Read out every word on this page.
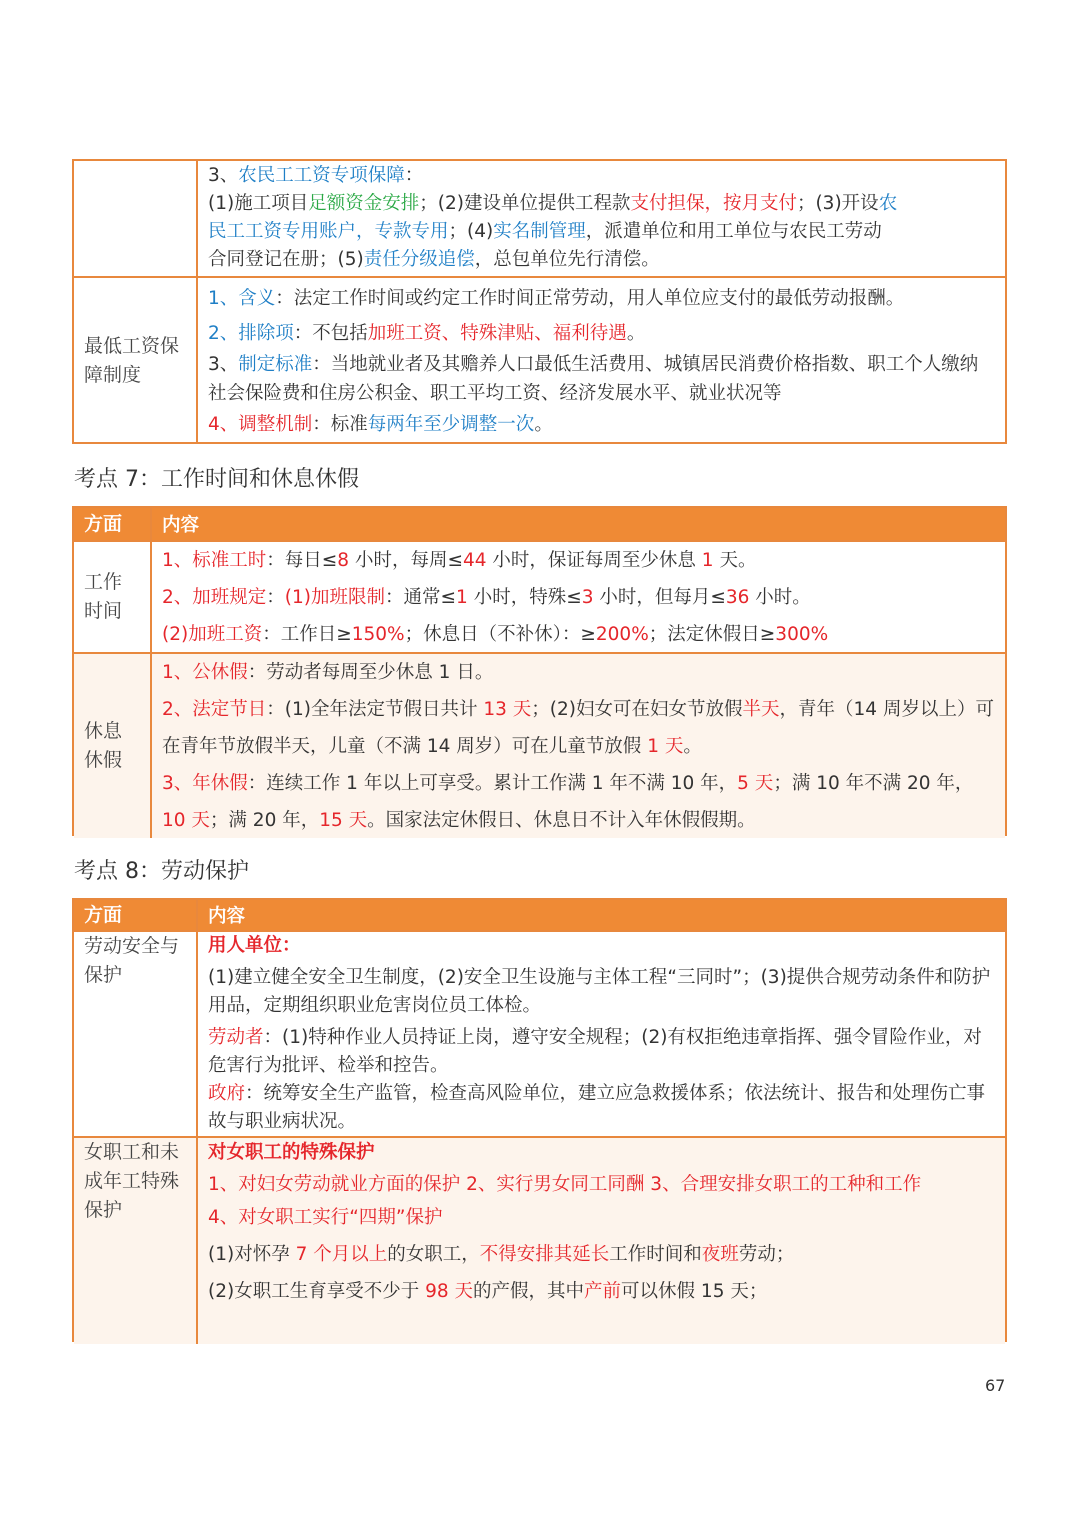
3、农民工工资专项保障：

(1)施工项目足额资金安排；(2)建设单位提供工程款支付担保，按月支付；(3)开设农

民工工资专用账户，专款专用；(4)实名制管理，派遣单位和用工单位与农民工劳动

合同登记在册；(5)责任分级追偿，总包单位先行清偿。

最低工资保障制度

1、含义：法定工作时间或约定工作时间正常劳动，用人单位应支付的最低劳动报酬。

2、排除项：不包括加班工资、特殊津贴、福利待遇。

3、制定标准：当地就业者及其赡养人口最低生活费用、城镇居民消费价格指数、职工个人缴纳社会保险费和住房公积金、职工平均工资、经济发展水平、就业状况等

4、调整机制：标准每两年至少调整一次。

考点 7：工作时间和休息休假
方面	内容
工作时间

1、标准工时：每日≤8 小时，每周≤44 小时，保证每周至少休息 1 天。

2、加班规定：(1)加班限制：通常≤1 小时，特殊≤3 小时，但每月≤36 小时。

(2)加班工资：工作日≥150%；休息日（不补休）：≥200%；法定休假日≥300%

休息休假

1、公休假：劳动者每周至少休息 1 日。

2、法定节日：(1)全年法定节假日共计 13 天；(2)妇女可在妇女节放假半天，青年（14 周岁以上）可在青年节放假半天，儿童（不满 14 周岁）可在儿童节放假 1 天。

3、年休假：连续工作 1 年以上可享受。累计工作满 1 年不满 10 年，5 天；满 10 年不满 20 年，10 天；满 20 年，15 天。国家法定休假日、休息日不计入年休假假期。

考点 8：劳动保护
方面	内容
劳动安全与保护

用人单位：

(1)建立健全安全卫生制度，(2)安全卫生设施与主体工程“三同时”；(3)提供合规劳动条件和防护用品，定期组织职业危害岗位员工体检。

劳动者：(1)特种作业人员持证上岗，遵守安全规程；(2)有权拒绝违章指挥、强令冒险作业，对危害行为批评、检举和控告。

政府：统筹安全生产监管，检查高风险单位，建立应急救援体系；依法统计、报告和处理伤亡事故与职业病状况。

女职工和未成年工特殊保护

对女职工的特殊保护

1、对妇女劳动就业方面的保护 2、实行男女同工同酬 3、合理安排女职工的工种和工作

4、对女职工实行“四期”保护

(1)对怀孕 7 个月以上的女职工，不得安排其延长工作时间和夜班劳动；

(2)女职工生育享受不少于 98 天的产假，其中产前可以休假 15 天；

67
